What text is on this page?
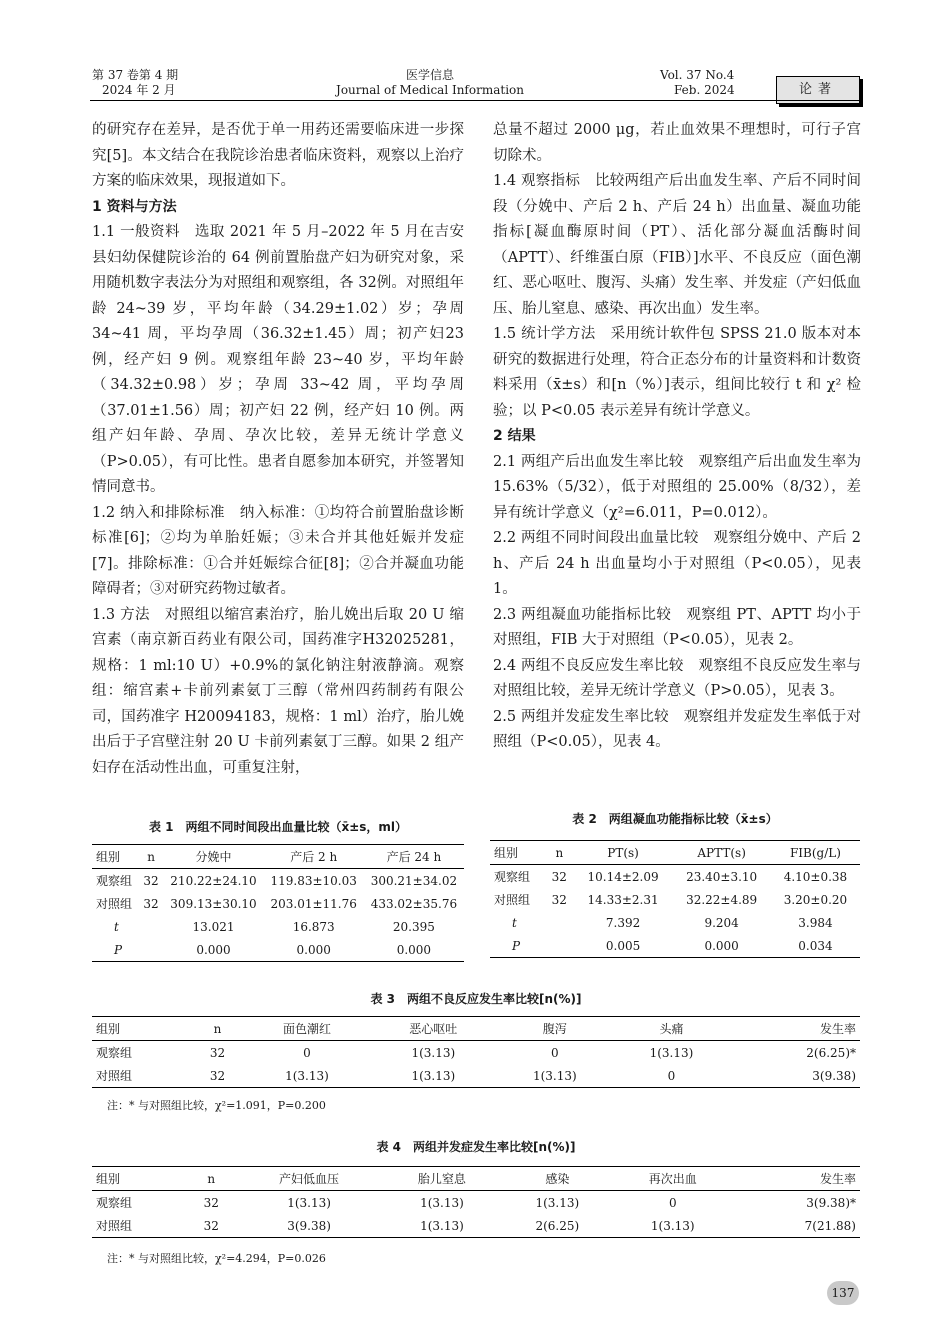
第 37 卷第 4 期
2024 年 2 月
医学信息
Journal of Medical Information
Vol. 37 No.4
Feb. 2024	论著

的研究存在差异，是否优于单一用药还需要临床进一步探究[5]。本文结合在我院诊治患者临床资料，观察以上治疗方案的临床效果，现报道如下。

1 资料与方法

1.1 一般资料　选取 2021 年 5 月–2022 年 5 月在吉安县妇幼保健院诊治的 64 例前置胎盘产妇为研究对象，采用随机数字表法分为对照组和观察组，各 32例。对照组年龄 24~39 岁，平均年龄（34.29±1.02）岁；孕周 34~41 周，平均孕周（36.32±1.45）周；初产妇23例，经产妇 9 例。观察组年龄 23~40 岁，平均年龄（34.32±0.98）岁；孕周 33~42 周，平均孕周（37.01±1.56）周；初产妇 22 例，经产妇 10 例。两组产妇年龄、孕周、孕次比较，差异无统计学意义（P>0.05），有可比性。患者自愿参加本研究，并签署知情同意书。

1.2 纳入和排除标准　纳入标准：①均符合前置胎盘诊断标准[6]；②均为单胎妊娠；③未合并其他妊娠并发症[7]。排除标准：①合并妊娠综合征[8]；②合并凝血功能障碍者；③对研究药物过敏者。

1.3 方法　对照组以缩宫素治疗，胎儿娩出后取 20 U 缩宫素（南京新百药业有限公司，国药准字H32025281，规格：1 ml:10 U）+0.9%的氯化钠注射液静滴。观察组：缩宫素+卡前列素氨丁三醇（常州四药制药有限公司，国药准字 H20094183，规格：1 ml）治疗，胎儿娩出后于子宫壁注射 20 U 卡前列素氨丁三醇。如果 2 组产妇存在活动性出血，可重复注射，

总量不超过 2000 μg，若止血效果不理想时，可行子宫切除术。

1.4 观察指标　比较两组产后出血发生率、产后不同时间段（分娩中、产后 2 h、产后 24 h）出血量、凝血功能指标[凝血酶原时间（PT）、活化部分凝血活酶时间（APTT）、纤维蛋白原（FIB）]水平、不良反应（面色潮红、恶心呕吐、腹泻、头痛）发生率、并发症（产妇低血压、胎儿窒息、感染、再次出血）发生率。

1.5 统计学方法　采用统计软件包 SPSS 21.0 版本对本研究的数据进行处理，符合正态分布的计量资料和计数资料采用（x̄±s）和[n（%）]表示，组间比较行 t 和 χ² 检验；以 P<0.05 表示差异有统计学意义。

2 结果

2.1 两组产后出血发生率比较　观察组产后出血发生率为 15.63%（5/32），低于对照组的 25.00%（8/32），差异有统计学意义（χ²=6.011，P=0.012）。

2.2 两组不同时间段出血量比较　观察组分娩中、产后 2 h、产后 24 h 出血量均小于对照组（P<0.05），见表 1。

2.3 两组凝血功能指标比较　观察组 PT、APTT 均小于对照组，FIB 大于对照组（P<0.05），见表 2。

2.4 两组不良反应发生率比较　观察组不良反应发生率与对照组比较，差异无统计学意义（P>0.05），见表 3。

2.5 两组并发症发生率比较　观察组并发症发生率低于对照组（P<0.05），见表 4。

表 1　两组不同时间段出血量比较（x̄±s，ml）
组别	n	分娩中	产后 2 h	产后 24 h
观察组	32	210.22±24.10	119.83±10.03	300.21±34.02
对照组	32	309.13±30.10	203.01±11.76	433.02±35.76
t		13.021	16.873	20.395
P		0.000	0.000	0.000
表 2　两组凝血功能指标比较（x̄±s）
组别	n	PT(s)	APTT(s)	FIB(g/L)
观察组	32	10.14±2.09	23.40±3.10	4.10±0.38
对照组	32	14.33±2.31	32.22±4.89	3.20±0.20
t		7.392	9.204	3.984
P		0.005	0.000	0.034
表 3　两组不良反应发生率比较[n(%)]
组别	n	面色潮红	恶心呕吐	腹泻	头痛	发生率
观察组	32	0	1(3.13)	0	1(3.13)	2(6.25)*
对照组	32	1(3.13)	1(3.13)	1(3.13)	0	3(9.38)
注：* 与对照组比较，χ²=1.091，P=0.200
表 4　两组并发症发生率比较[n(%)]
组别	n	产妇低血压	胎儿窒息	感染	再次出血	发生率
观察组	32	1(3.13)	1(3.13)	1(3.13)	0	3(9.38)*
对照组	32	3(9.38)	1(3.13)	2(6.25)	1(3.13)	7(21.88)
注：* 与对照组比较，χ²=4.294，P=0.026
137
